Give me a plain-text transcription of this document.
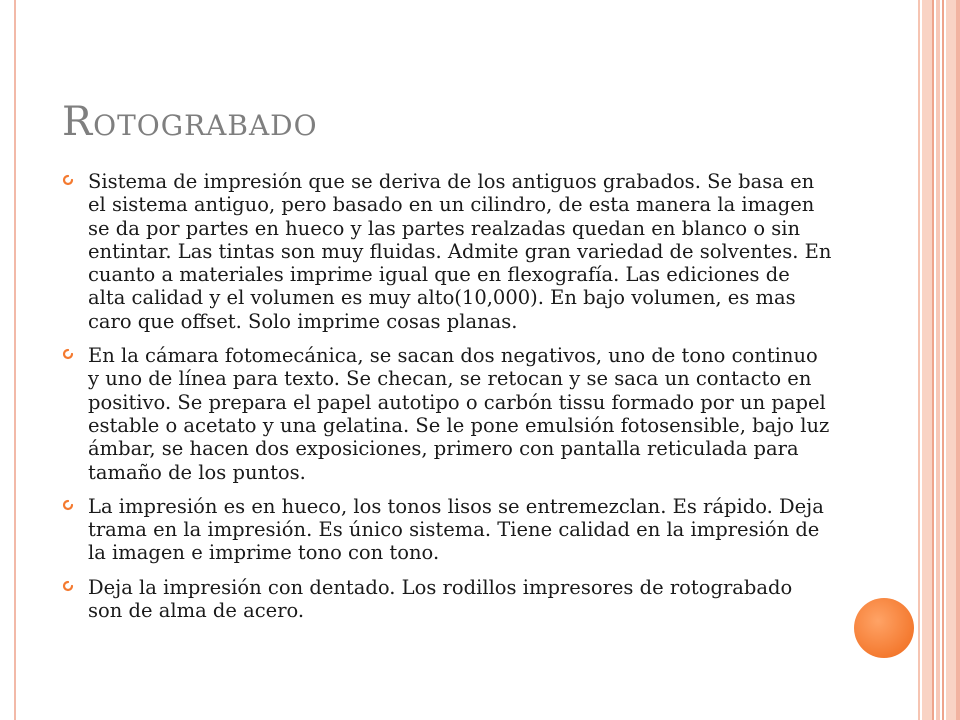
Rotograbado
Sistema de impresión que se deriva de los antiguos grabados. Se basa en el sistema antiguo, pero basado en un cilindro, de esta manera la imagen se da por partes en hueco y las partes realzadas quedan en blanco o sin entintar. Las tintas son muy fluidas. Admite gran variedad de solventes. En cuanto a materiales imprime igual que en flexografía. Las ediciones de alta calidad y el volumen es muy alto(10,000). En bajo volumen, es mas caro que offset. Solo imprime cosas planas.
En la cámara fotomecánica, se sacan dos negativos, uno de tono continuo y uno de línea para texto. Se checan, se retocan y se saca un contacto en positivo. Se prepara el papel autotipo o carbón tissu formado por un papel estable o acetato y una gelatina. Se le pone emulsión fotosensible, bajo luz ámbar, se hacen dos exposiciones, primero con pantalla reticulada para tamaño de los puntos.
La impresión es en hueco, los tonos lisos se entremezclan. Es rápido. Deja trama en la impresión. Es único sistema. Tiene calidad en la impresión de la imagen e imprime tono con tono.
Deja la impresión con dentado. Los rodillos impresores de rotograbado son de alma de acero.
